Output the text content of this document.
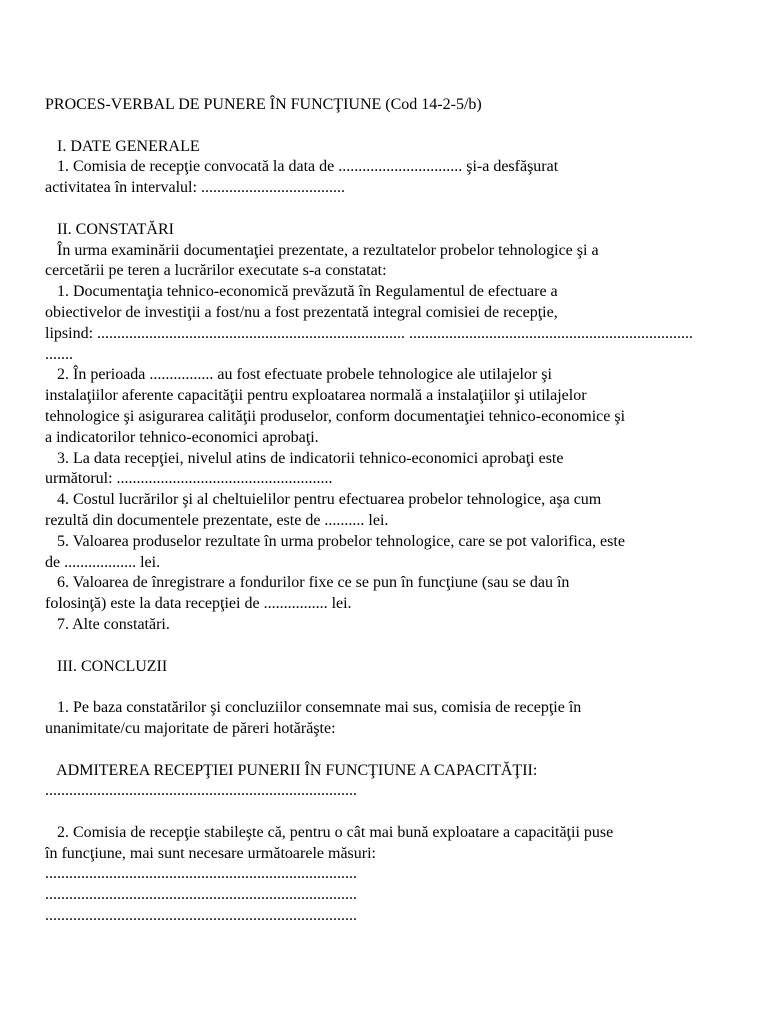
PROCES-VERBAL DE PUNERE ÎN FUNCŢIUNE (Cod 14-2-5/b)
I. DATE GENERALE
1. Comisia de recepţie convocată la data de ............................... şi-a desfăşurat
activitatea în intervalul: ....................................
II. CONSTATĂRI
În urma examinării documentaţiei prezentate, a rezultatelor probelor tehnologice şi a
cercetării pe teren a lucrărilor executate s-a constatat:
1. Documentaţia tehnico-economică prevăzută în Regulamentul de efectuare a
obiectivelor de investiţii a fost/nu a fost prezentată integral comisiei de recepţie,
lipsind: ............................................................................. .......................................................................
.......
2. În perioada ................ au fost efectuate probele tehnologice ale utilajelor şi
instalaţiilor aferente capacităţii pentru exploatarea normală a instalaţiilor şi utilajelor
tehnologice şi asigurarea calităţii produselor, conform documentaţiei tehnico-economice şi
a indicatorilor tehnico-economici aprobaţi.
3. La data recepţiei, nivelul atins de indicatorii tehnico-economici aprobaţi este
următorul: ......................................................
4. Costul lucrărilor şi al cheltuielilor pentru efectuarea probelor tehnologice, aşa cum
rezultă din documentele prezentate, este de .......... lei.
5. Valoarea produselor rezultate în urma probelor tehnologice, care se pot valorifica, este
de .................. lei.
6. Valoarea de înregistrare a fondurilor fixe ce se pun în funcţiune (sau se dau în
folosinţă) este la data recepţiei de ................ lei.
7. Alte constatări.
III. CONCLUZII
1. Pe baza constatărilor şi concluziilor consemnate mai sus, comisia de recepţie în
unanimitate/cu majoritate de păreri hotărăşte:
ADMITEREA RECEPŢIEI PUNERII ÎN FUNCŢIUNE A CAPACITĂŢII:
..............................................................................
2. Comisia de recepţie stabileşte că, pentru o cât mai bună exploatare a capacităţii puse
în funcţiune, mai sunt necesare următoarele măsuri:
..............................................................................
..............................................................................
..............................................................................
